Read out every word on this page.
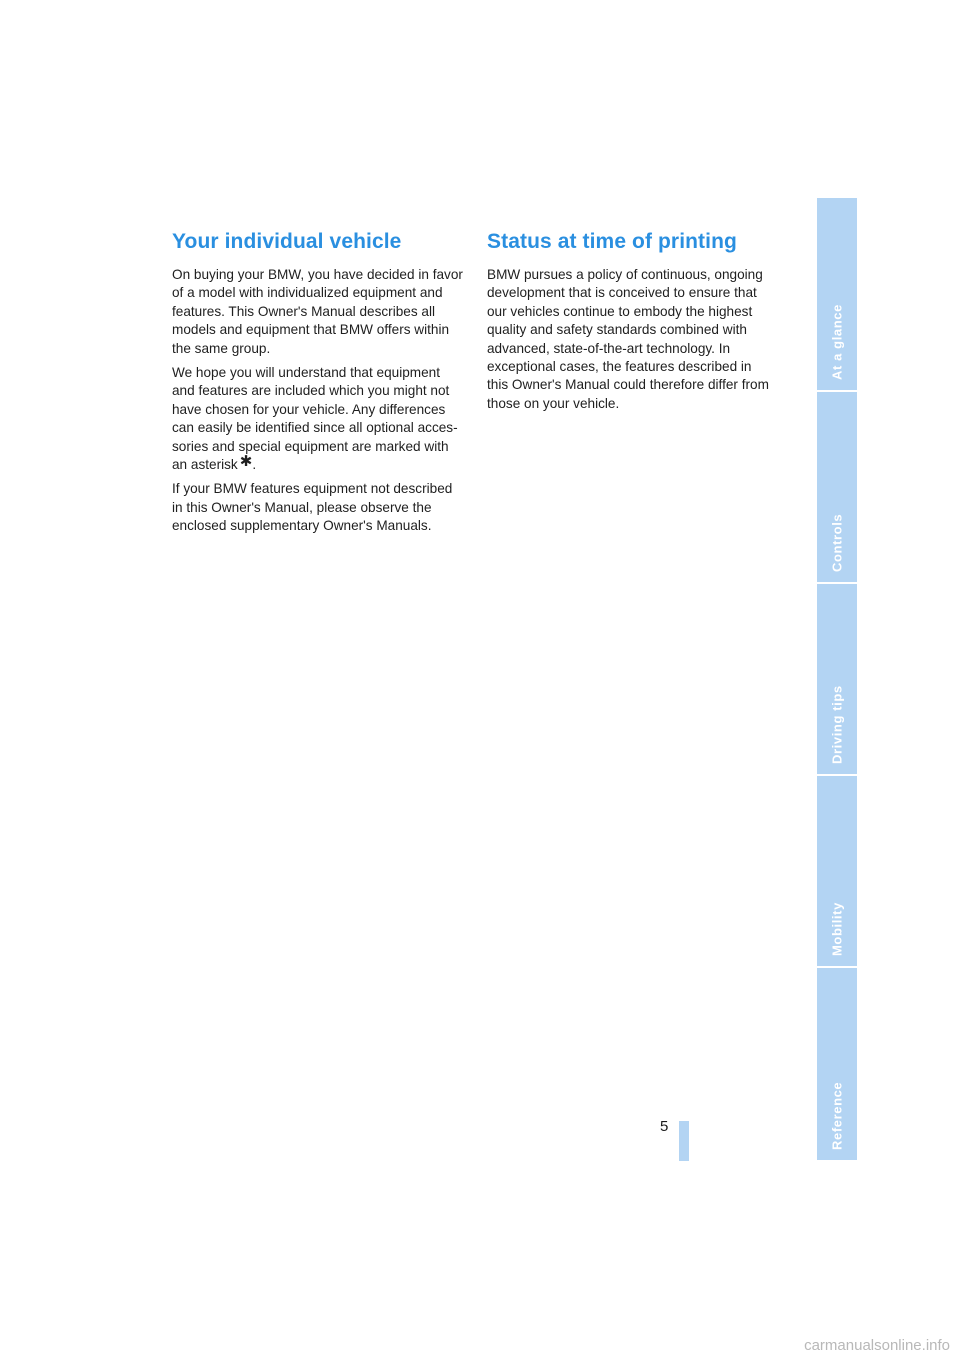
Your individual vehicle

On buying your BMW, you have decided in favor
of a model with individualized equipment and
features. This Owner's Manual describes all
models and equipment that BMW offers within
the same group.

We hope you will understand that equipment
and features are included which you might not
have chosen for your vehicle. Any differences
can easily be identified since all optional acces-
sories and special equipment are marked with
an asterisk ✱.

If your BMW features equipment not described
in this Owner's Manual, please observe the
enclosed supplementary Owner's Manuals.

Status at time of printing

BMW pursues a policy of continuous, ongoing
development that is conceived to ensure that
our vehicles continue to embody the highest
quality and safety standards combined with
advanced, state-of-the-art technology. In
exceptional cases, the features described in
this Owner's Manual could therefore differ from
those on your vehicle.

At a glance
Controls
Driving tips
Mobility
Reference
5
carmanualsonline.info
